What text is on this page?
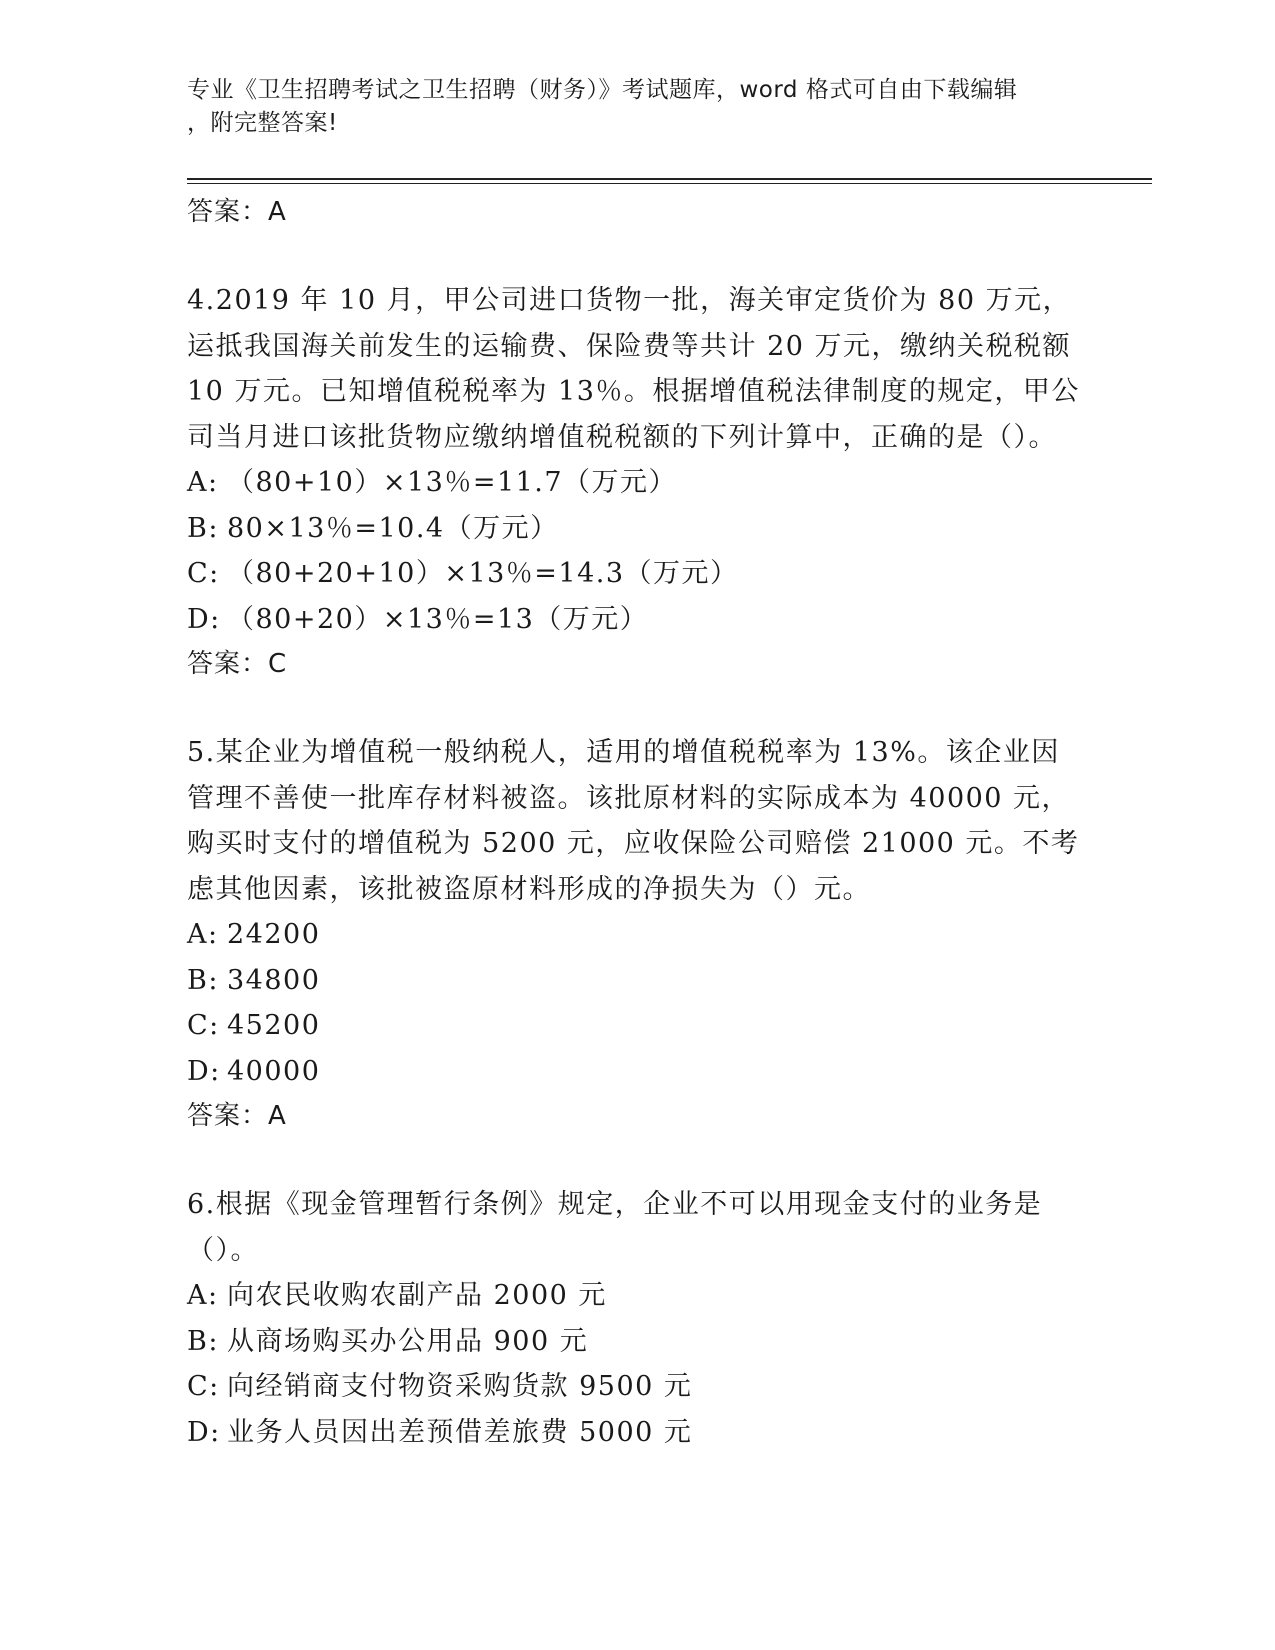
专业《卫生招聘考试之卫生招聘（财务）》考试题库，word 格式可自由下载编辑
，附完整答案!

答案：A

4.2019 年 10 月，甲公司进口货物一批，海关审定货价为 80 万元，运抵我国海关前发生的运输费、保险费等共计 20 万元，缴纳关税税额 10 万元。已知增值税税率为 13％。根据增值税法律制度的规定，甲公司当月进口该批货物应缴纳增值税税额的下列计算中，正确的是（）。

A: （80+10）×13％=11.7（万元）

B: 80×13％=10.4（万元）

C: （80+20+10）×13％=14.3（万元）

D: （80+20）×13％=13（万元）

答案：C

5.某企业为增值税一般纳税人，适用的增值税税率为 13%。该企业因管理不善使一批库存材料被盗。该批原材料的实际成本为 40000 元，购买时支付的增值税为 5200 元，应收保险公司赔偿 21000 元。不考虑其他因素，该批被盗原材料形成的净损失为（）元。

A: 24200

B: 34800

C: 45200

D: 40000

答案：A

6.根据《现金管理暂行条例》规定，企业不可以用现金支付的业务是（）。

A: 向农民收购农副产品 2000 元

B: 从商场购买办公用品 900 元

C: 向经销商支付物资采购货款 9500 元

D: 业务人员因出差预借差旅费 5000 元
